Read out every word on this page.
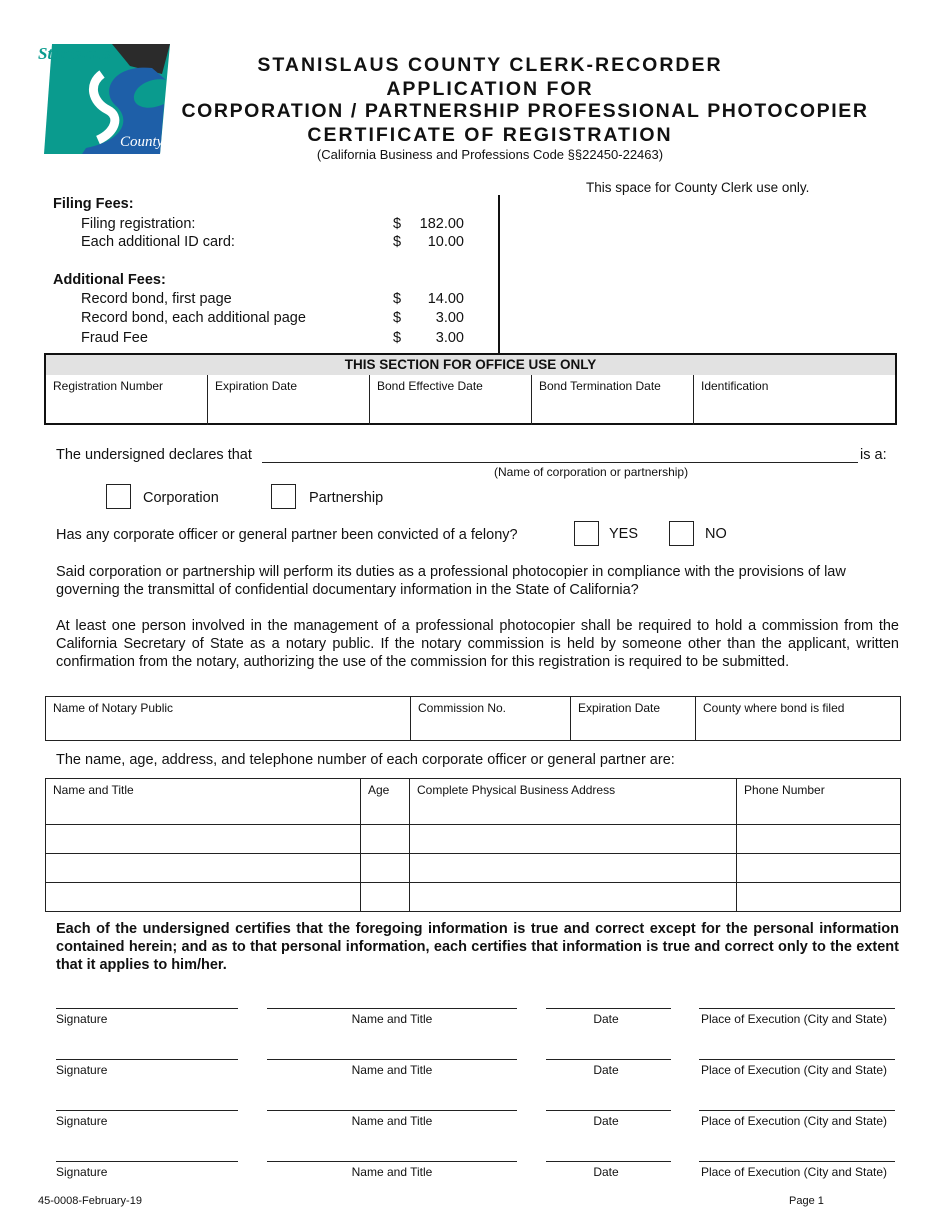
Stanislaus
County
STANISLAUS COUNTY CLERK-RECORDER
APPLICATION FOR
CORPORATION / PARTNERSHIP PROFESSIONAL PHOTOCOPIER
CERTIFICATE OF REGISTRATION
(California Business and Professions Code §§22450-22463)
This space for County Clerk use only.
Filing Fees:
Filing registration:	$	182.00
Each additional ID card:	$	10.00
Additional Fees:
Record bond, first page	$	14.00
Record bond, each additional page	$	3.00
Fraud Fee	$	3.00
THIS SECTION FOR OFFICE USE ONLY
Registration Number	Expiration Date	Bond Effective Date	Bond Termination Date	Identification
The undersigned declares that	is a:
(Name of corporation or partnership)
Corporation	Partnership
Has any corporate officer or general partner been convicted of a felony?	YES	NO
Said corporation or partnership will perform its duties as a professional photocopier in compliance with the provisions of law governing the transmittal of confidential documentary information in the State of California?
At least one person involved in the management of a professional photocopier shall be required to hold a commission from the California Secretary of State as a notary public. If the notary commission is held by someone other than the applicant, written confirmation from the notary, authorizing the use of the commission for this registration is required to be submitted.
Name of Notary Public	Commission No.	Expiration Date	County where bond is filed
The name, age, address, and telephone number of each corporate officer or general partner are:
Name and Title	Age	Complete Physical Business Address	Phone Number

Each of the undersigned certifies that the foregoing information is true and correct except for the personal information contained herein; and as to that personal information, each certifies that information is true and correct only to the extent that it applies to him/her.
Signature	Name and Title	Date	Place of Execution (City and State)
Signature	Name and Title	Date	Place of Execution (City and State)
Signature	Name and Title	Date	Place of Execution (City and State)
Signature	Name and Title	Date	Place of Execution (City and State)
45-0008-February-19	Page 1
